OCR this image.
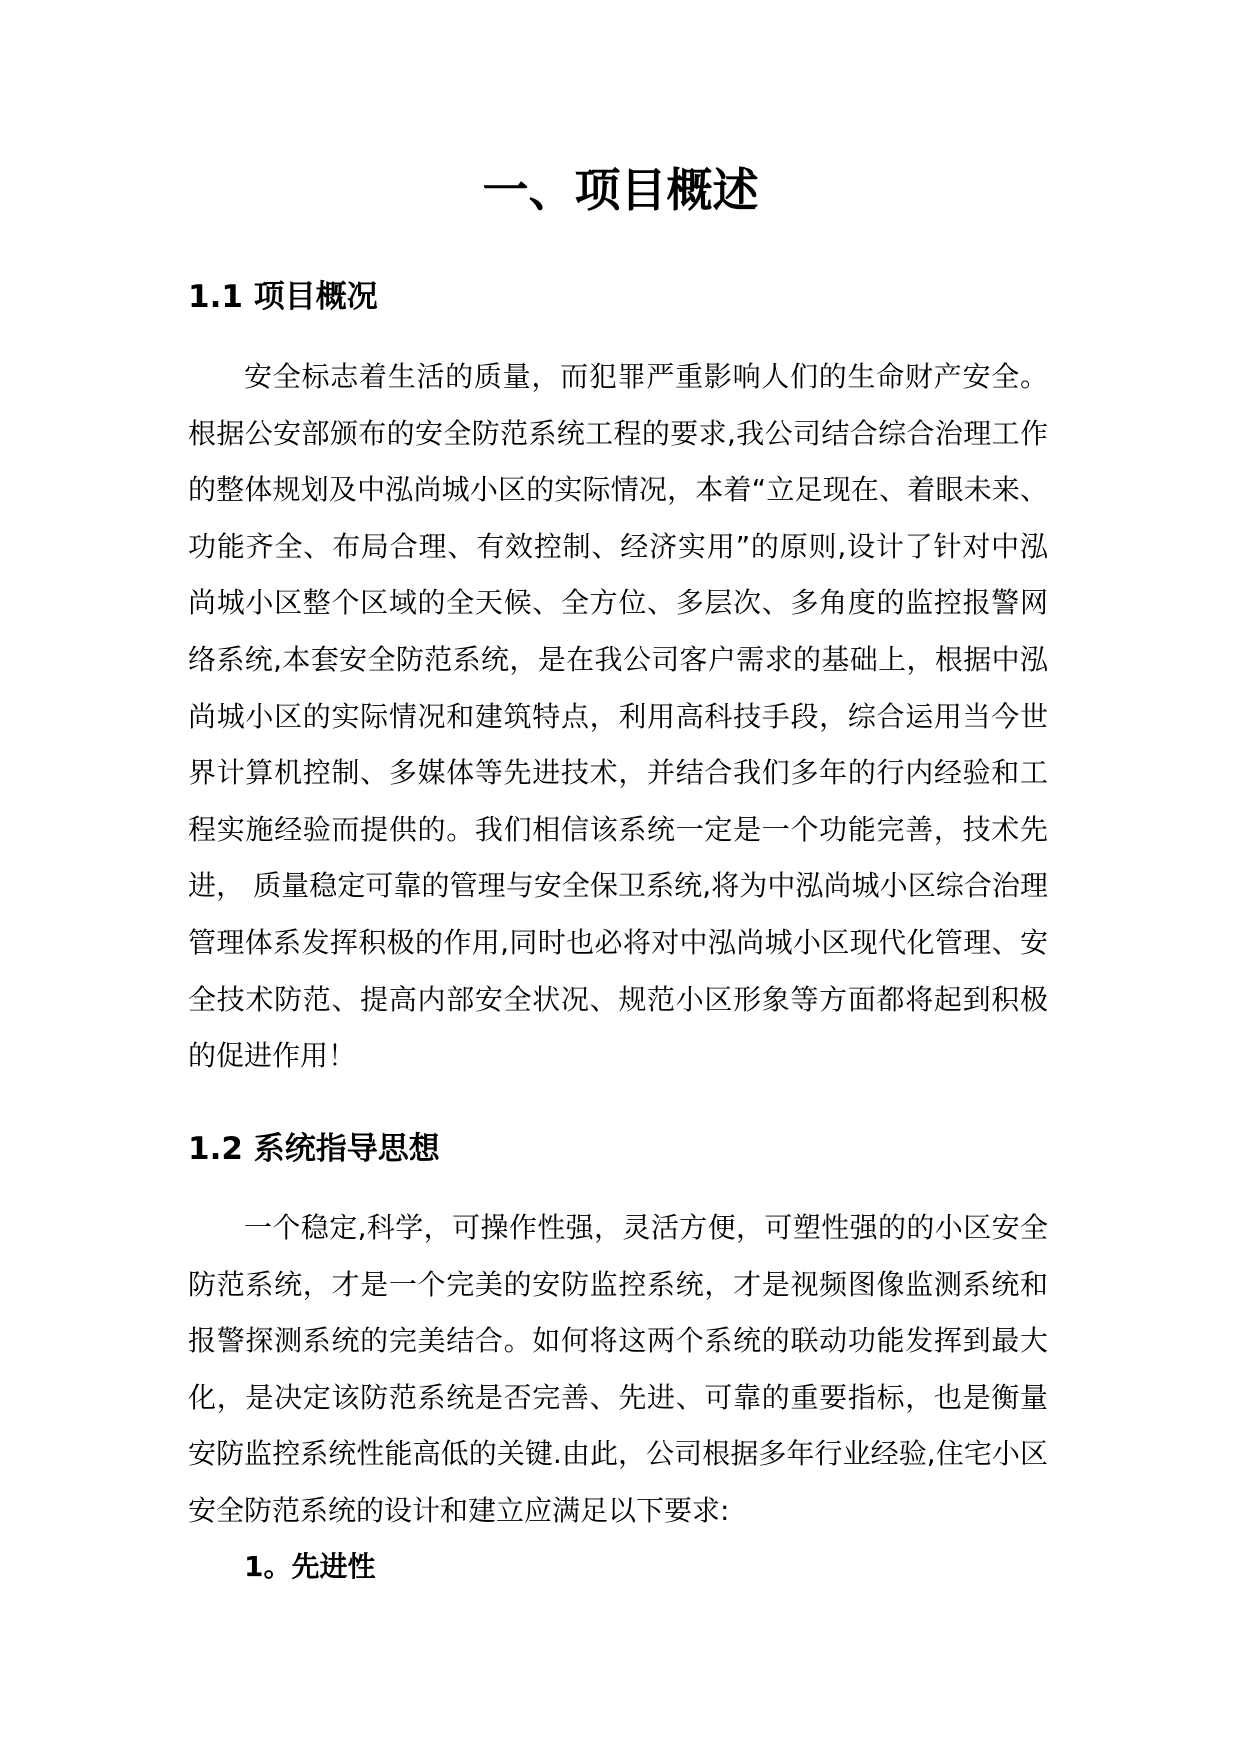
一、项目概述
1.1 项目概况

安全标志着生活的质量，而犯罪严重影响人们的生命财产安全。根据公安部颁布的安全防范系统工程的要求,我公司结合综合治理工作的整体规划及中泓尚城小区的实际情况，本着“立足现在、着眼未来、功能齐全、布局合理、有效控制、经济实用”的原则,设计了针对中泓尚城小区整个区域的全天候、全方位、多层次、多角度的监控报警网络系统,本套安全防范系统，是在我公司客户需求的基础上，根据中泓尚城小区的实际情况和建筑特点，利用高科技手段，综合运用当今世界计算机控制、多媒体等先进技术，并结合我们多年的行内经验和工程实施经验而提供的。我们相信该系统一定是一个功能完善，技术先进， 质量稳定可靠的管理与安全保卫系统,将为中泓尚城小区综合治理管理体系发挥积极的作用,同时也必将对中泓尚城小区现代化管理、安全技术防范、提高内部安全状况、规范小区形象等方面都将起到积极的促进作用！

1.2 系统指导思想

一个稳定,科学，可操作性强，灵活方便，可塑性强的的小区安全防范系统，才是一个完美的安防监控系统，才是视频图像监测系统和报警探测系统的完美结合。如何将这两个系统的联动功能发挥到最大化，是决定该防范系统是否完善、先进、可靠的重要指标，也是衡量安防监控系统性能高低的关键.由此，公司根据多年行业经验,住宅小区安全防范系统的设计和建立应满足以下要求:

1。先进性
